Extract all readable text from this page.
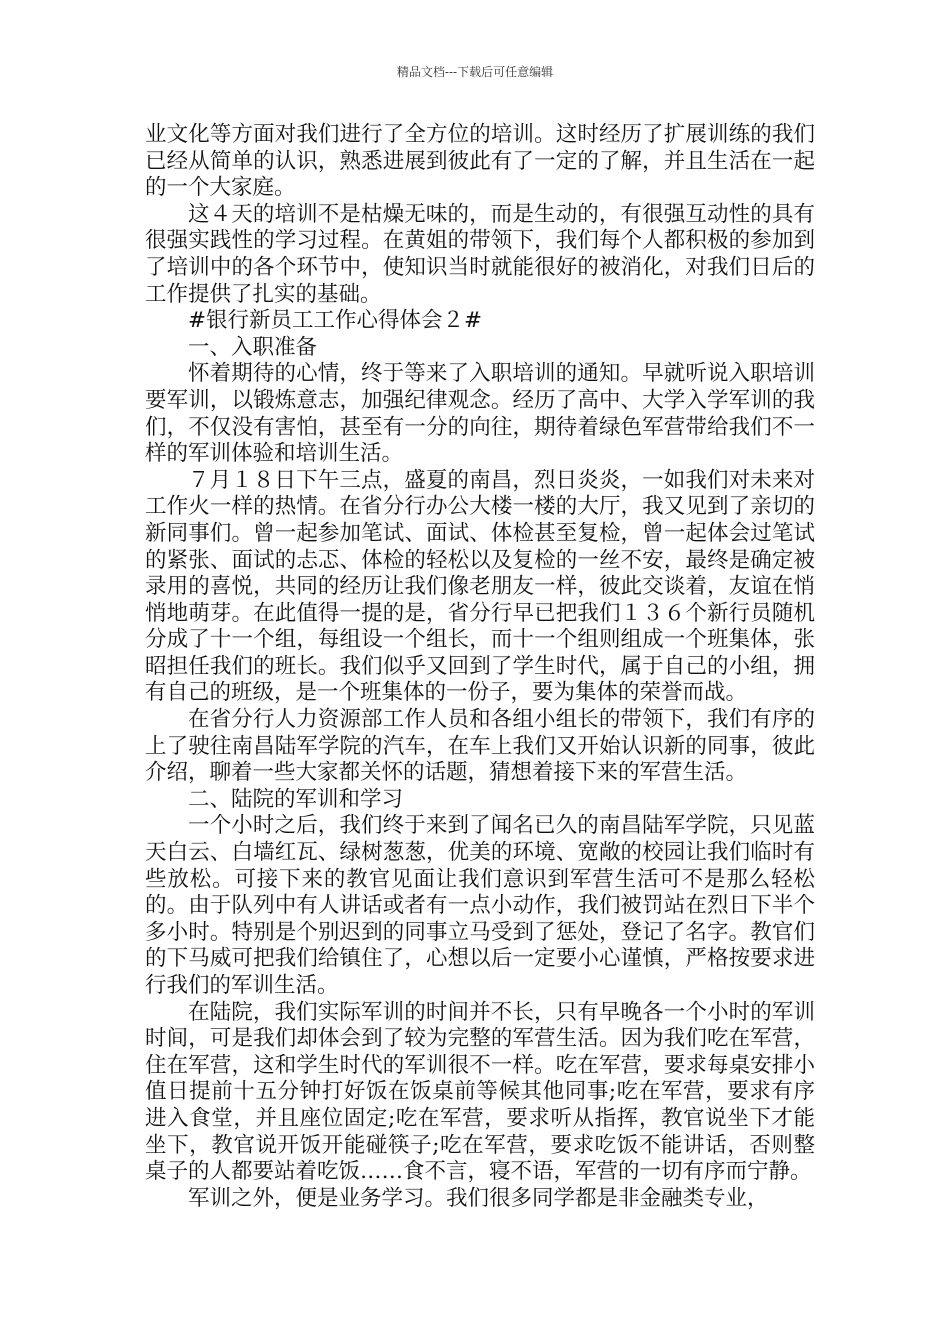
精品文档---下载后可任意编辑

业文化等方面对我们进行了全方位的培训。这时经历了扩展训练的我们已经从简单的认识，熟悉进展到彼此有了一定的了解，并且生活在一起的一个大家庭。

这４天的培训不是枯燥无味的，而是生动的，有很强互动性的具有很强实践性的学习过程。在黄姐的带领下，我们每个人都积极的参加到了培训中的各个环节中，使知识当时就能很好的被消化，对我们日后的工作提供了扎实的基础。

#银行新员工工作心得体会２#

一、入职准备

怀着期待的心情，终于等来了入职培训的通知。早就听说入职培训要军训，以锻炼意志，加强纪律观念。经历了高中、大学入学军训的我们，不仅没有害怕，甚至有一分的向往，期待着绿色军营带给我们不一样的军训体验和培训生活。

７月１８日下午三点，盛夏的南昌，烈日炎炎，一如我们对未来对工作火一样的热情。在省分行办公大楼一楼的大厅，我又见到了亲切的新同事们。曾一起参加笔试、面试、体检甚至复检，曾一起体会过笔试的紧张、面试的忐忑、体检的轻松以及复检的一丝不安，最终是确定被录用的喜悦，共同的经历让我们像老朋友一样，彼此交谈着，友谊在悄悄地萌芽。在此值得一提的是，省分行早已把我们１３６个新行员随机分成了十一个组，每组设一个组长，而十一个组则组成一个班集体，张昭担任我们的班长。我们似乎又回到了学生时代，属于自己的小组，拥有自己的班级，是一个班集体的一份子，要为集体的荣誉而战。

在省分行人力资源部工作人员和各组小组长的带领下，我们有序的上了驶往南昌陆军学院的汽车，在车上我们又开始认识新的同事，彼此介绍，聊着一些大家都关怀的话题，猜想着接下来的军营生活。

二、陆院的军训和学习

一个小时之后，我们终于来到了闻名已久的南昌陆军学院，只见蓝天白云、白墙红瓦、绿树葱葱，优美的环境、宽敞的校园让我们临时有些放松。可接下来的教官见面让我们意识到军营生活可不是那么轻松的。由于队列中有人讲话或者有一点小动作，我们被罚站在烈日下半个多小时。特别是个别迟到的同事立马受到了惩处，登记了名字。教官们的下马威可把我们给镇住了，心想以后一定要小心谨慎，严格按要求进行我们的军训生活。

在陆院，我们实际军训的时间并不长，只有早晚各一个小时的军训时间，可是我们却体会到了较为完整的军营生活。因为我们吃在军营，住在军营，这和学生时代的军训很不一样。吃在军营，要求每桌安排小值日提前十五分钟打好饭在饭桌前等候其他同事;吃在军营，要求有序进入食堂，并且座位固定;吃在军营，要求听从指挥，教官说坐下才能坐下，教官说开饭开能碰筷子;吃在军营，要求吃饭不能讲话，否则整桌子的人都要站着吃饭……食不言，寝不语，军营的一切有序而宁静。

军训之外，便是业务学习。我们很多同学都是非金融类专业，
